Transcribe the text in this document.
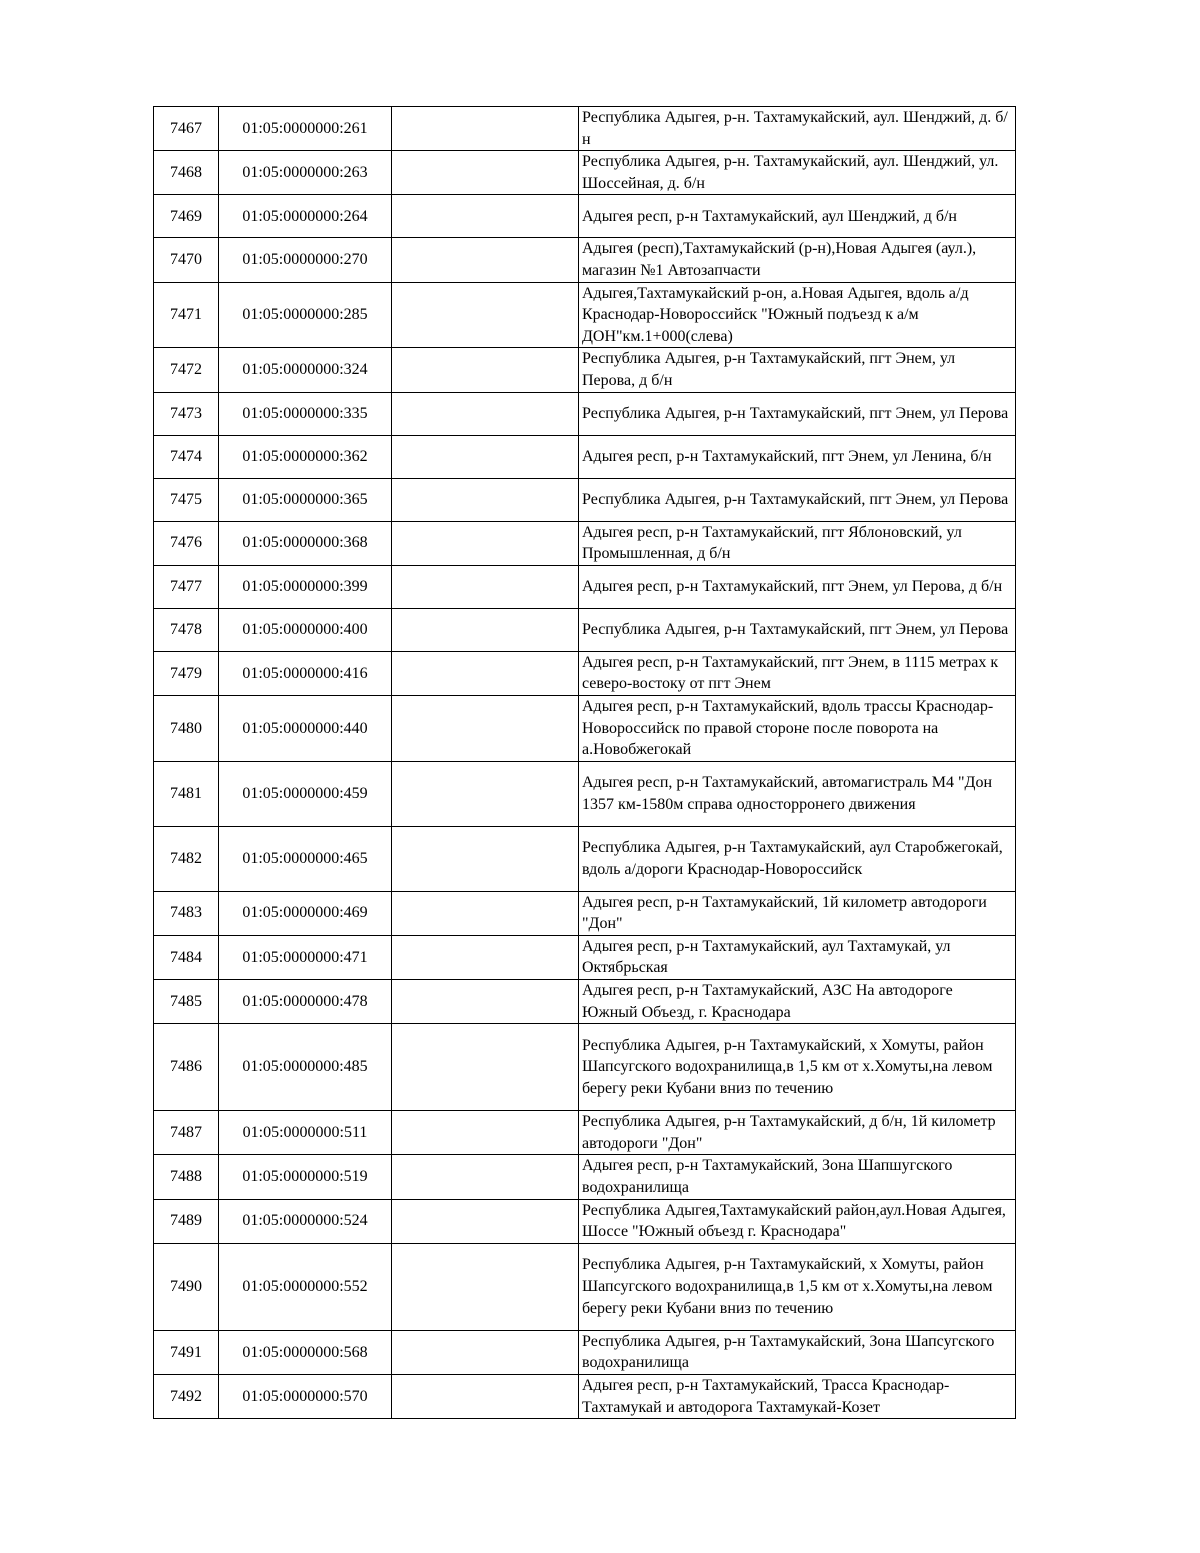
7467	01:05:0000000:261		Республика Адыгея, р-н. Тахтамукайский, аул. Шенджий, д. б/н
7468	01:05:0000000:263		Республика Адыгея, р-н. Тахтамукайский, аул. Шенджий, ул. Шоссейная, д. б/н
7469	01:05:0000000:264		Адыгея респ, р-н Тахтамукайский, аул Шенджий, д б/н
7470	01:05:0000000:270		Адыгея (респ),Тахтамукайский (р-н),Новая Адыгея (аул.), магазин №1 Автозапчасти
7471	01:05:0000000:285		Адыгея,Тахтамукайский р-он, а.Новая Адыгея, вдоль а/д Краснодар-Новороссийск "Южный подъезд к а/м ДОН"км.1+000(слева)
7472	01:05:0000000:324		Республика Адыгея, р-н Тахтамукайский, пгт Энем, ул Перова, д б/н
7473	01:05:0000000:335		Республика Адыгея, р-н Тахтамукайский, пгт Энем, ул Перова
7474	01:05:0000000:362		Адыгея респ, р-н Тахтамукайский, пгт Энем, ул Ленина, б/н
7475	01:05:0000000:365		Республика Адыгея, р-н Тахтамукайский, пгт Энем, ул Перова
7476	01:05:0000000:368		Адыгея респ, р-н Тахтамукайский, пгт Яблоновский, ул Промышленная, д б/н
7477	01:05:0000000:399		Адыгея респ, р-н Тахтамукайский, пгт Энем, ул Перова, д б/н
7478	01:05:0000000:400		Республика Адыгея, р-н Тахтамукайский, пгт Энем, ул Перова
7479	01:05:0000000:416		Адыгея респ, р-н Тахтамукайский, пгт Энем, в 1115 метрах к северо-востоку от пгт Энем
7480	01:05:0000000:440		Адыгея респ, р-н Тахтамукайский, вдоль трассы Краснодар-Новороссийск по правой стороне после поворота на а.Новобжегокай
7481	01:05:0000000:459		Адыгея респ, р-н Тахтамукайский, автомагистраль М4 "Дон 1357 км-1580м справа односторронего движения
7482	01:05:0000000:465		Республика Адыгея, р-н Тахтамукайский, аул Старобжегокай, вдоль а/дороги Краснодар-Новороссийск
7483	01:05:0000000:469		Адыгея респ, р-н Тахтамукайский, 1й километр автодороги "Дон"
7484	01:05:0000000:471		Адыгея респ, р-н Тахтамукайский, аул Тахтамукай, ул Октябрьская
7485	01:05:0000000:478		Адыгея респ, р-н Тахтамукайский, АЗС На автодороге Южный Объезд, г. Краснодара
7486	01:05:0000000:485		Республика Адыгея, р-н Тахтамукайский, х Хомуты, район Шапсугского водохранилища,в 1,5 км от х.Хомуты,на левом берегу реки Кубани вниз по течению
7487	01:05:0000000:511		Республика Адыгея, р-н Тахтамукайский, д б/н, 1й километр автодороги "Дон"
7488	01:05:0000000:519		Адыгея респ, р-н Тахтамукайский, Зона Шапшугского водохранилища
7489	01:05:0000000:524		Республика Адыгея,Тахтамукайский район,аул.Новая Адыгея, Шоссе "Южный объезд г. Краснодара"
7490	01:05:0000000:552		Республика Адыгея, р-н Тахтамукайский, х Хомуты, район Шапсугского водохранилища,в 1,5 км от х.Хомуты,на левом берегу реки Кубани вниз по течению
7491	01:05:0000000:568		Республика Адыгея, р-н Тахтамукайский, Зона Шапсугского водохранилища
7492	01:05:0000000:570		Адыгея респ, р-н Тахтамукайский, Трасса Краснодар-Тахтамукай и автодорога Тахтамукай-Козет
